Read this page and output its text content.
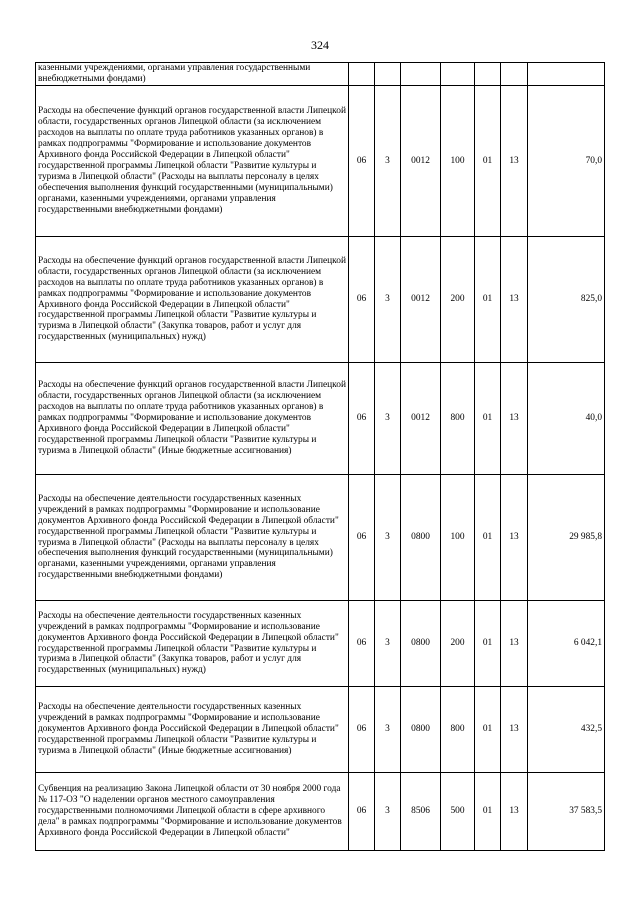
324
казенными учреждениями, органами управления государственными внебюджетными фондами)							
Расходы на обеспечение функций органов государственной власти Липецкой области, государственных органов Липецкой области (за исключением расходов на выплаты по оплате труда работников указанных органов) в рамках подпрограммы "Формирование и использование документов Архивного фонда Российской Федерации в Липецкой области" государственной программы Липецкой области "Развитие культуры и туризма в Липецкой области" (Расходы на выплаты персоналу в целях обеспечения выполнения функций государственными (муниципальными) органами, казенными учреждениями, органами управления государственными внебюджетными фондами)	06	3	0012	100	01	13	70,0
Расходы на обеспечение функций органов государственной власти Липецкой области, государственных органов Липецкой области (за исключением расходов на выплаты по оплате труда работников указанных органов) в рамках подпрограммы "Формирование и использование документов Архивного фонда Российской Федерации в Липецкой области" государственной программы Липецкой области "Развитие культуры и туризма в Липецкой области" (Закупка товаров, работ и услуг для государственных (муниципальных) нужд)	06	3	0012	200	01	13	825,0
Расходы на обеспечение функций органов государственной власти Липецкой области, государственных органов Липецкой области (за исключением расходов на выплаты по оплате труда работников указанных органов) в рамках подпрограммы "Формирование и использование документов Архивного фонда Российской Федерации в Липецкой области" государственной программы Липецкой области "Развитие культуры и туризма в Липецкой области" (Иные бюджетные ассигнования)	06	3	0012	800	01	13	40,0
Расходы на обеспечение деятельности государственных казенных учреждений в рамках подпрограммы "Формирование и использование документов Архивного фонда Российской Федерации в Липецкой области" государственной программы Липецкой области "Развитие культуры и туризма в Липецкой области" (Расходы на выплаты персоналу в целях обеспечения выполнения функций государственными (муниципальными) органами, казенными учреждениями, органами управления государственными внебюджетными фондами)	06	3	0800	100	01	13	29 985,8
Расходы на обеспечение деятельности государственных казенных учреждений в рамках подпрограммы "Формирование и использование документов Архивного фонда Российской Федерации в Липецкой области" государственной программы Липецкой области "Развитие культуры и туризма в Липецкой области" (Закупка товаров, работ и услуг для государственных (муниципальных) нужд)	06	3	0800	200	01	13	6 042,1
Расходы на обеспечение деятельности государственных казенных учреждений в рамках подпрограммы "Формирование и использование документов Архивного фонда Российской Федерации в Липецкой области" государственной программы Липецкой области "Развитие культуры и туризма в Липецкой области" (Иные бюджетные ассигнования)	06	3	0800	800	01	13	432,5
Субвенция на реализацию Закона Липецкой области от 30 ноября 2000 года № 117-ОЗ "О наделении органов местного самоуправления государственными полномочиями Липецкой области в сфере архивного дела" в рамках подпрограммы "Формирование и использование документов Архивного фонда Российской Федерации в Липецкой области"	06	3	8506	500	01	13	37 583,5
